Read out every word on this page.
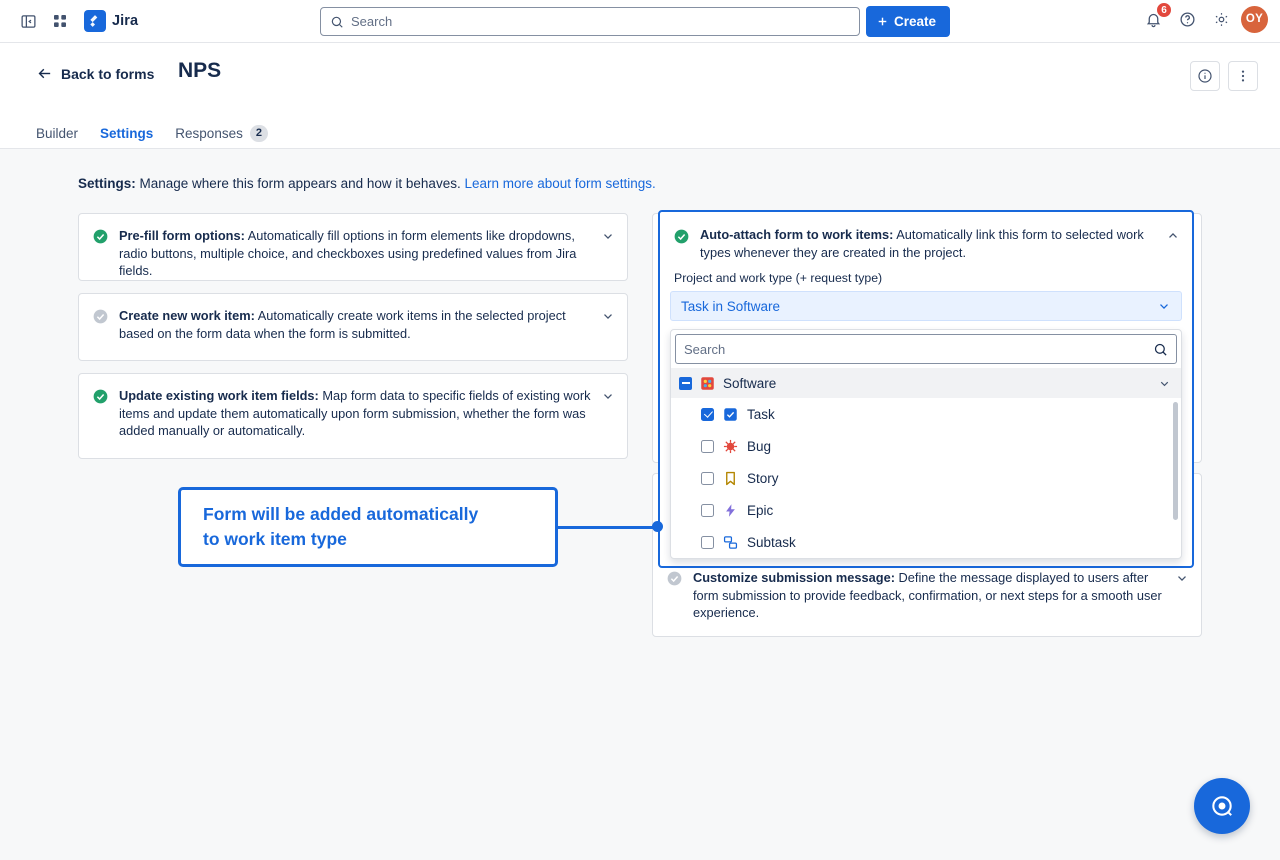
Jira	Search	Create
6
OY
Back to forms NPS
Builder Settings Responses	2
Settings: Manage where this form appears and how it behaves. Learn more about form settings.
Pre-fill form options: Automatically fill options in form elements like dropdowns, radio buttons, multiple choice, and checkboxes using predefined values from Jira fields.
Create new work item: Automatically create work items in the selected project based on the form data when the form is submitted.
Update existing work item fields: Map form data to specific fields of existing work items and update them automatically upon form submission, whether the form was added manually or automatically.
Customize submission message: Define the message displayed to users after form submission to provide feedback, confirmation, or next steps for a smooth user experience.
Auto-attach form to work items: Automatically link this form to selected work types whenever they are created in the project.
Project and work type (+ request type)
Task in Software
Search
Software
Task
Bug
Story
Epic
Subtask
Form will be added automatically
to work item type
